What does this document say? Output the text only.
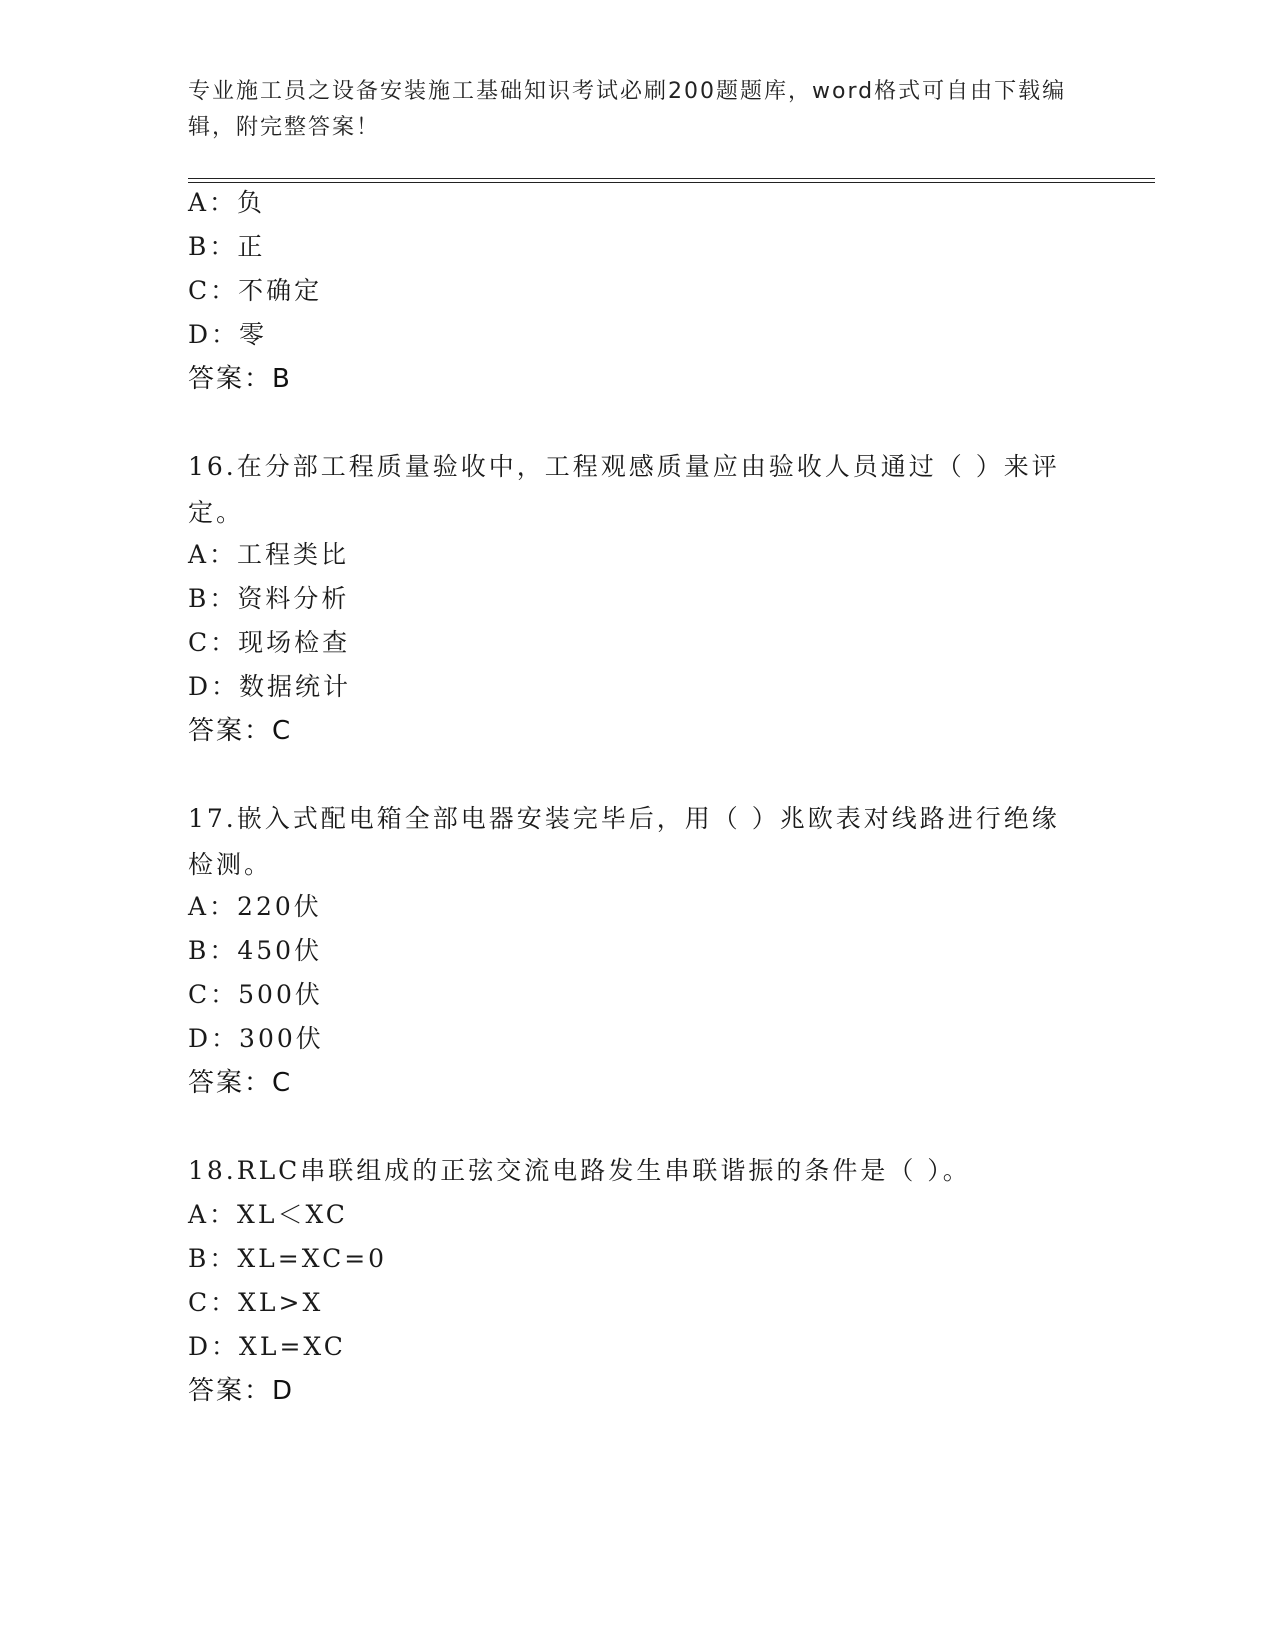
专业施工员之设备安装施工基础知识考试必刷200题题库，word格式可自由下载编辑，附完整答案！
A：负
B：正
C：不确定
D：零
答案：B
16.在分部工程质量验收中，工程观感质量应由验收人员通过（ ）来评定。
A：工程类比
B：资料分析
C：现场检查
D：数据统计
答案：C
17.嵌入式配电箱全部电器安装完毕后，用（ ）兆欧表对线路进行绝缘检测。
A：220伏
B：450伏
C：500伏
D：300伏
答案：C
18.RLC串联组成的正弦交流电路发生串联谐振的条件是（ ）。
A：XL＜XC
B：XL=XC=0
C：XL>X
D：XL=XC
答案：D
